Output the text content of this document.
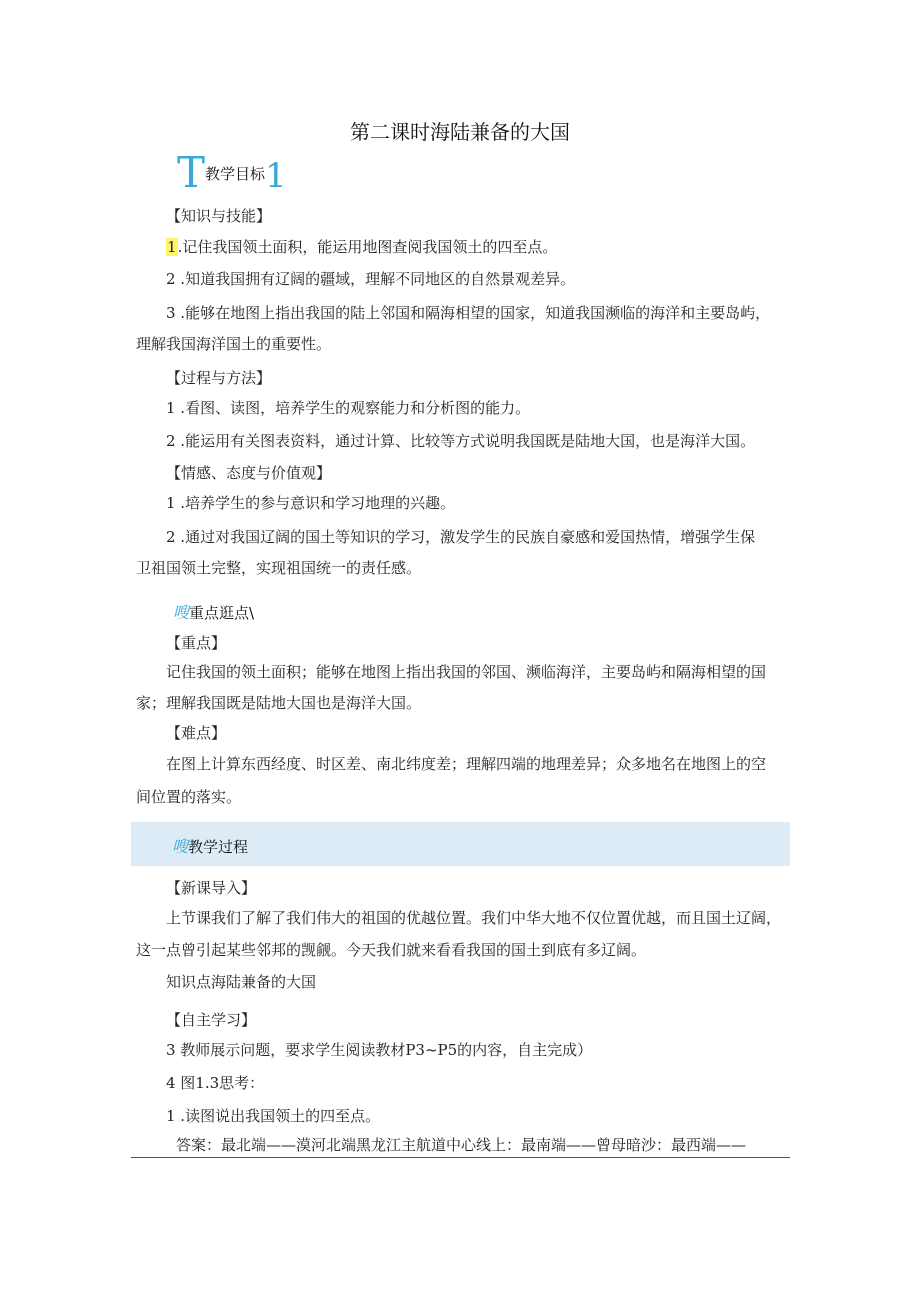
第二课时海陆兼备的大国
T教学目标1
【知识与技能】
1.记住我国领土面积，能运用地图查阅我国领土的四至点。
2 .知道我国拥有辽阔的疆域，理解不同地区的自然景观差异。
3 .能够在地图上指出我国的陆上邻国和隔海相望的国家，知道我国濒临的海洋和主要岛屿，
理解我国海洋国土的重要性。
【过程与方法】
1 .看图、读图，培养学生的观察能力和分析图的能力。
2 .能运用有关图表资料，通过计算、比较等方式说明我国既是陆地大国，也是海洋大国。
【情感、态度与价值观】
1 .培养学生的参与意识和学习地理的兴趣。
2 .通过对我国辽阔的国土等知识的学习，激发学生的民族自豪感和爱国热情，增强学生保
卫祖国领土完整，实现祖国统一的责任感。
嗖重点逛点\
【重点】
记住我国的领土面积；能够在地图上指出我国的邻国、濒临海洋，主要岛屿和隔海相望的国
家；理解我国既是陆地大国也是海洋大国。
【难点】
在图上计算东西经度、时区差、南北纬度差；理解四端的地理差异；众多地名在地图上的空
间位置的落实。
嗖教学过程
【新课导入】
上节课我们了解了我们伟大的祖国的优越位置。我们中华大地不仅位置优越，而且国土辽阔，
这一点曾引起某些邻邦的觊觎。今天我们就来看看我国的国土到底有多辽阔。
知识点海陆兼备的大国
【自主学习】
3 教师展示问题，要求学生阅读教材P3~P5的内容，自主完成）
4 图1.3思考：
1 .读图说出我国领土的四至点。
答案：最北端——漠河北端黑龙江主航道中心线上：最南端——曾母暗沙：最西端——
